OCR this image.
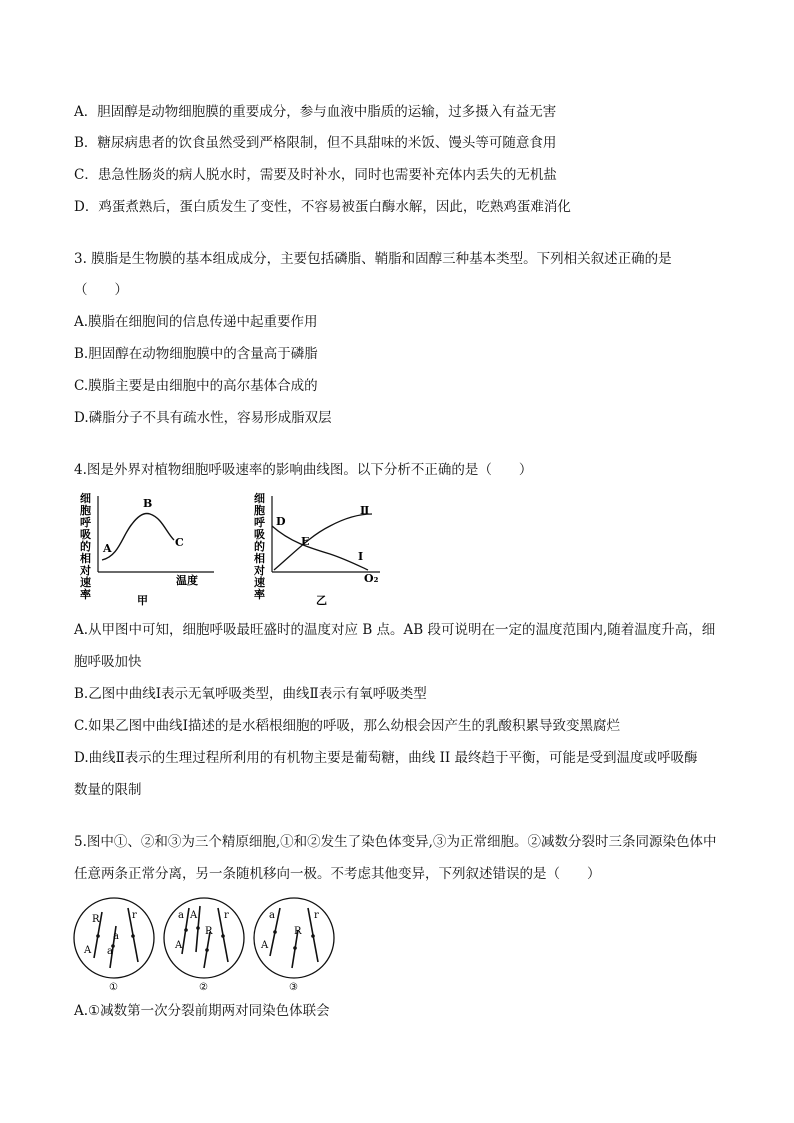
A．胆固醇是动物细胞膜的重要成分，参与血液中脂质的运输，过多摄入有益无害
B．糖尿病患者的饮食虽然受到严格限制，但不具甜味的米饭、馒头等可随意食用
C．患急性肠炎的病人脱水时，需要及时补水，同时也需要补充体内丢失的无机盐
D．鸡蛋煮熟后，蛋白质发生了变性，不容易被蛋白酶水解，因此，吃熟鸡蛋难消化
3. 膜脂是生物膜的基本组成成分，主要包括磷脂、鞘脂和固醇三种基本类型。下列相关叙述正确的是
（　　）
A.膜脂在细胞间的信息传递中起重要作用
B.胆固醇在动物细胞膜中的含量高于磷脂
C.膜脂主要是由细胞中的高尔基体合成的
D.磷脂分子不具有疏水性，容易形成脂双层
4.图是外界对植物细胞呼吸速率的影响曲线图。以下分析不正确的是（　　）
细
胞
呼
吸
的
相
对
速
率
A
B
C
温度
甲
细
胞
呼
吸
的
相
对
速
率
D
E
Ⅱ
I
O₂
乙
A.从甲图中可知，细胞呼吸最旺盛时的温度对应 B 点。AB 段可说明在一定的温度范围内,随着温度升高，细
胞呼吸加快
B.乙图中曲线Ⅰ表示无氧呼吸类型，曲线Ⅱ表示有氧呼吸类型
C.如果乙图中曲线Ⅰ描述的是水稻根细胞的呼吸，那么幼根会因产生的乳酸积累导致变黑腐烂
D.曲线Ⅱ表示的生理过程所利用的有机物主要是葡萄糖，曲线 II 最终趋于平衡，可能是受到温度或呼吸酶
数量的限制
5.图中①、②和③为三个精原细胞,①和②发生了染色体变异,③为正常细胞。②减数分裂时三条同源染色体中
任意两条正常分离，另一条随机移向一极。不考虑其他变异，下列叙述错误的是（　　）
R
a
A a
r
①
a
A
R
A	r
②
a
A
R
r
③
A.①减数第一次分裂前期两对同染色体联会
